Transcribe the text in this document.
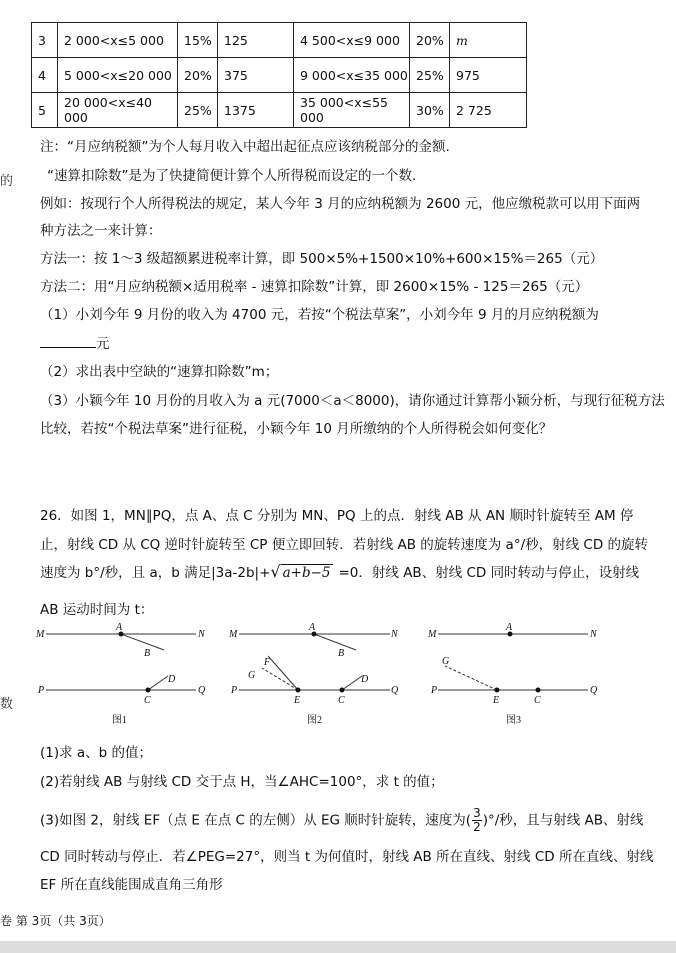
3	2 000<x≤5 000	15%	125	4 500<x≤9 000	20%	m
4	5 000<x≤20 000	20%	375	9 000<x≤35 000	25%	975
5	20 000<x≤40 000	25%	1375	35 000<x≤55 000	30%	2 725
的
数
注：“月应纳税额”为个人每月收入中超出起征点应该纳税部分的金额.
“速算扣除数”是为了快捷简便计算个人所得税而设定的一个数.
例如：按现行个人所得税法的规定，某人今年 3 月的应纳税额为 2600 元，他应缴税款可以用下面两
种方法之一来计算：
方法一：按 1～3 级超额累进税率计算，即 500×5%+1500×10%+600×15%＝265（元）
方法二：用“月应纳税额×适用税率 - 速算扣除数”计算，即 2600×15% - 125＝265（元）
（1）小刘今年 9 月份的收入为 4700 元，若按“个税法草案”，小刘今年 9 月的月应纳税额为
元
（2）求出表中空缺的“速算扣除数”m；
（3）小颖今年 10 月份的月收入为 a 元(7000＜a＜8000)，请你通过计算帮小颖分析，与现行征税方法
比较，若按“个税法草案”进行征税，小颖今年 10 月所缴纳的个人所得税会如何变化？
26．如图 1，MN∥PQ，点 A、点 C 分别为 MN、PQ 上的点．射线 AB 从 AN 顺时针旋转至 AM 停
止，射线 CD 从 CQ 逆时针旋转至 CP 便立即回转．若射线 AB 的旋转速度为 a°/秒，射线 CD 的旋转
速度为 b°/秒，且 a，b 满足|3a-2b|+√ a+b−5 =0．射线 AB、射线 CD 同时转动与停止，设射线
AB 运动时间为 t：
M	N
A
B
P	Q
D
C
M	N
A
B
P	Q
D
C
E
F
G
M	N
A
P	Q
G
E	C
图1	图2	图3
(1)求 a、b 的值；
(2)若射线 AB 与射线 CD 交于点 H，当∠AHC=100°，求 t 的值；
(3)如图 2，射线 EF（点 E 在点 C 的左侧）从 EG 顺时针旋转，速度为( $\frac{3}{2}$ )°/秒，且与射线 AB、射线
CD 同时转动与停止．若∠PEG=27°，则当 t 为何值时，射线 AB 所在直线、射线 CD 所在直线、射线
EF 所在直线能围成直角三角形
卷 第 3页（共 3页）
